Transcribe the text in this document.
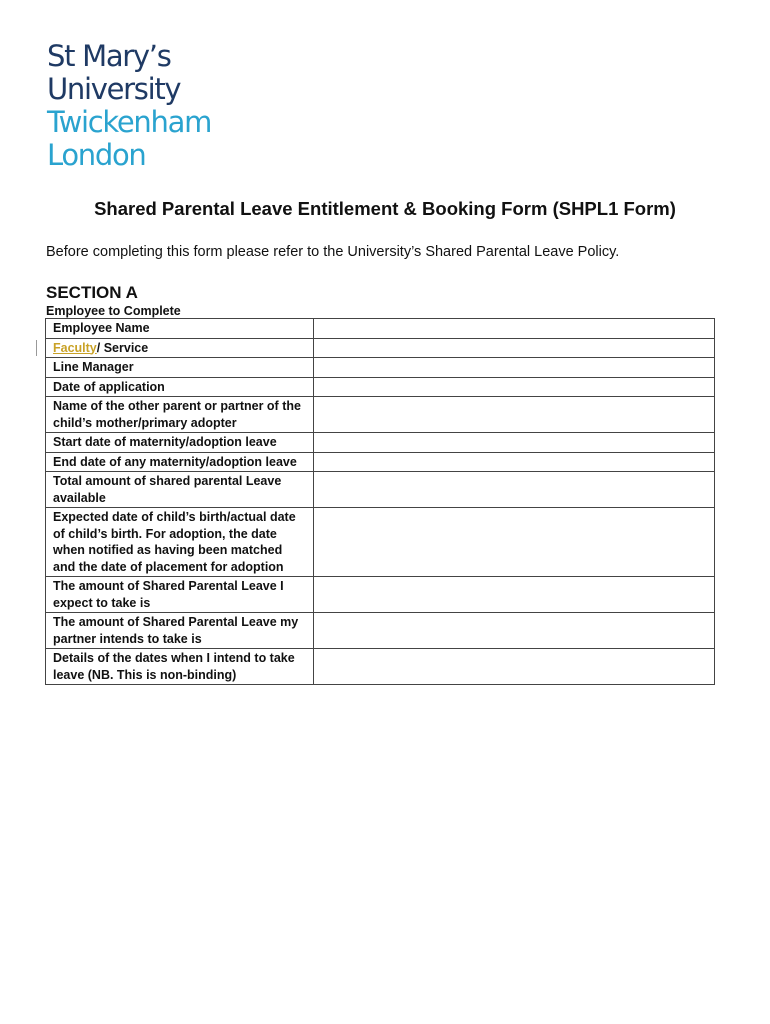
St Mary’s
University
Twickenham
London
Shared Parental Leave Entitlement & Booking Form (SHPL1 Form)
Before completing this form please refer to the University’s Shared Parental Leave Policy.
SECTION A
Employee to Complete
Employee Name	
Faculty/ Service	
Line Manager	
Date of application	
Name of the other parent or partner of the child’s mother/primary adopter	
Start date of maternity/adoption leave	
End date of any maternity/adoption leave	
Total amount of shared parental Leave available	
Expected date of child’s birth/actual date of child’s birth. For adoption, the date when notified as having been matched and the date of placement for adoption	
The amount of Shared Parental Leave I expect to take is	
The amount of Shared Parental Leave my partner intends to take is	
Details of the dates when I intend to take leave (NB. This is non-binding)	
